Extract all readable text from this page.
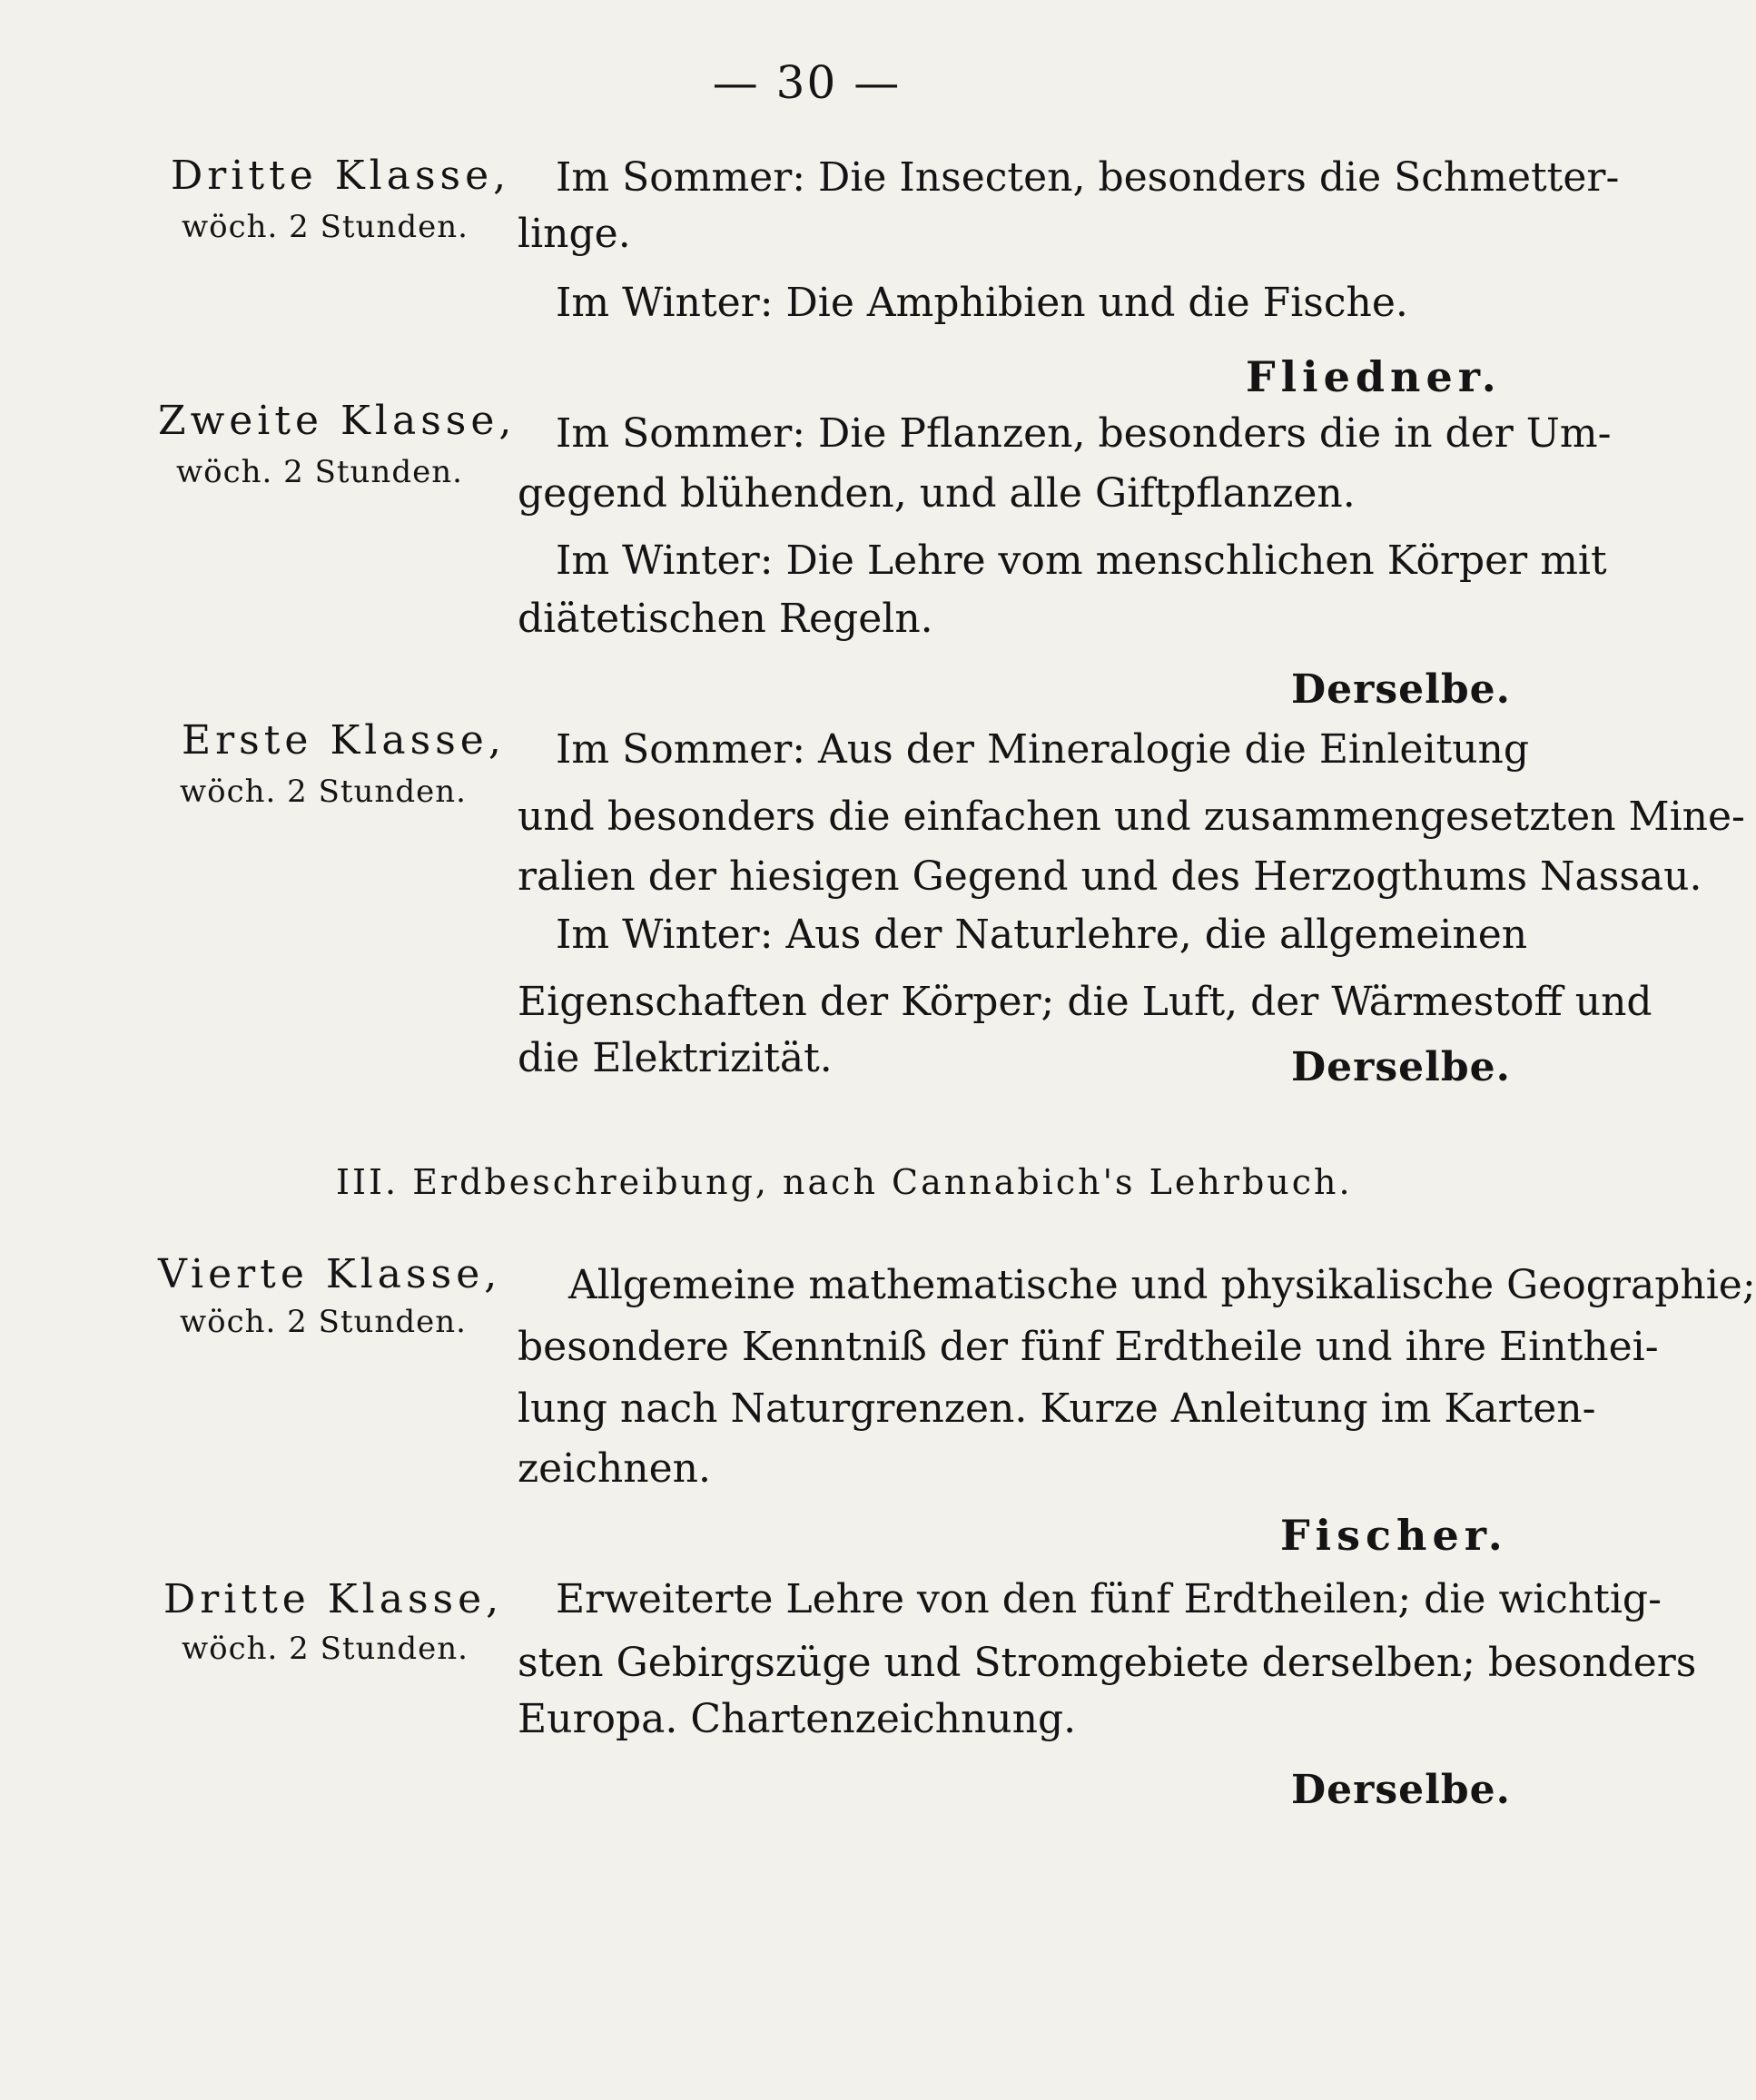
— 30 —
Dritte Klasse,
wöch. 2 Stunden.
Im Sommer: Die Insecten, besonders die Schmetter-
linge.
Im Winter: Die Amphibien und die Fische.
Fliedner.
Zweite Klasse,
wöch. 2 Stunden.
Im Sommer: Die Pflanzen, besonders die in der Um-
gegend blühenden, und alle Giftpflanzen.
Im Winter: Die Lehre vom menschlichen Körper mit
diätetischen Regeln.
Derselbe.
Erste Klasse,
wöch. 2 Stunden.
Im Sommer: Aus der Mineralogie die Einleitung
und besonders die einfachen und zusammengesetzten Mine-
ralien der hiesigen Gegend und des Herzogthums Nassau.
Im Winter: Aus der Naturlehre, die allgemeinen
Eigenschaften der Körper; die Luft, der Wärmestoff und
die Elektrizität.	Derselbe.
III. Erdbeschreibung, nach Cannabich's Lehrbuch.
Vierte Klasse,
wöch. 2 Stunden.
Allgemeine mathematische und physikalische Geographie;
besondere Kenntniß der fünf Erdtheile und ihre Einthei-
lung nach Naturgrenzen. Kurze Anleitung im Karten-
zeichnen.
Fischer.
Dritte Klasse,
wöch. 2 Stunden.
Erweiterte Lehre von den fünf Erdtheilen; die wichtig-
sten Gebirgszüge und Stromgebiete derselben; besonders
Europa. Chartenzeichnung.
Derselbe.
